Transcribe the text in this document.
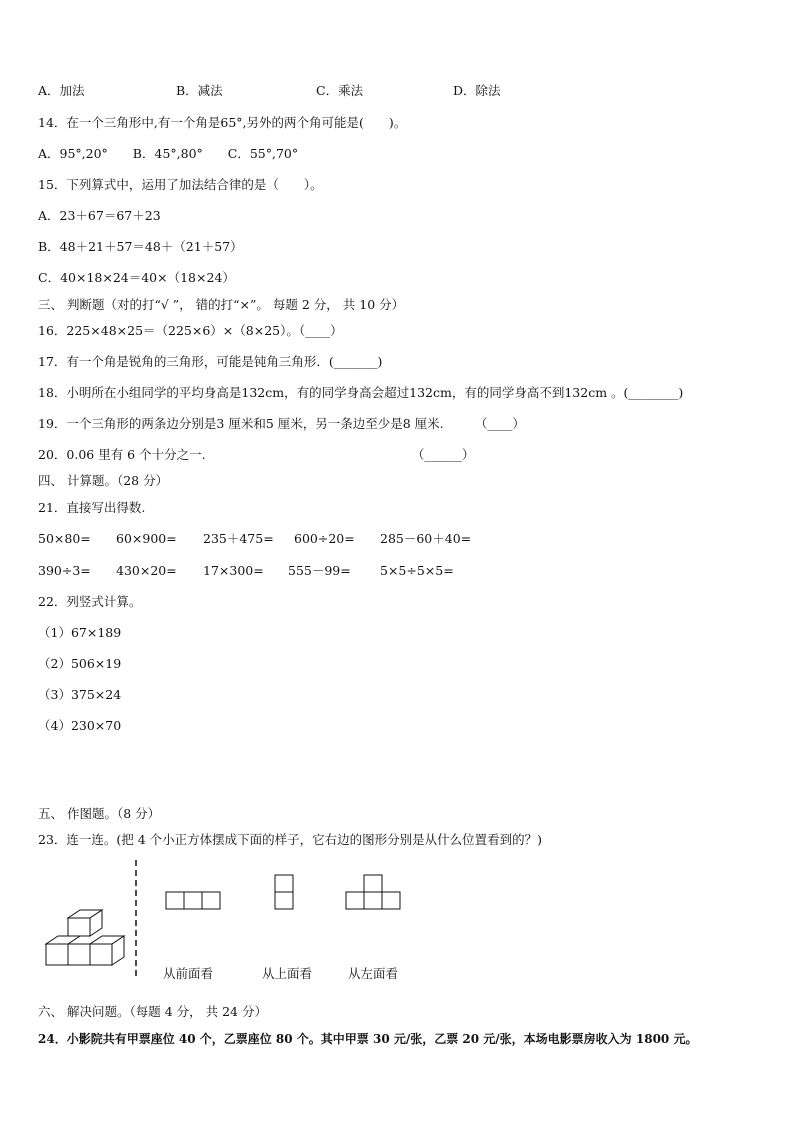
A．加法	B．减法	C．乘法	D．除法
14．在一个三角形中,有一个角是65°,另外的两个角可能是(　　)。
A．95°,20°　　B．45°,80°　　C．55°,70°
15．下列算式中，运用了加法结合律的是（　　）。
A．23＋67＝67＋23
B．48＋21＋57＝48＋（21＋57）
C．40×18×24＝40×（18×24）
三、 判断题（对的打“√ ”， 错的打“×”。 每题 2 分， 共 10 分）
16．225×48×25＝（225×6）×（8×25）。（____）
17．有一个角是锐角的三角形，可能是钝角三角形．(_______)
18．小明所在小组同学的平均身高是132cm，有的同学身高会超过132cm，有的同学身高不到132cm 。(________)
19．一个三角形的两条边分别是3 厘米和5 厘米，另一条边至少是8 厘米.　　　（____）
20．0.06 里有 6 个十分之一.　　　　　　　　　　　　　　　　　（______）
四、 计算题。（28 分）
21．直接写出得数.
50×80= 60×900= 235＋475= 600÷20= 285－60＋40=
390÷3= 430×20= 17×300= 555－99= 5×5÷5×5=
22．列竖式计算。
（1）67×189
（2）506×19
（3）375×24
（4）230×70
五、 作图题。（8 分）
23．连一连。(把 4 个小正方体摆成下面的样子，它右边的图形分别是从什么位置看到的？)
从前面看	从上面看	从左面看
六、 解决问题。（每题 4 分， 共 24 分）
24．小影院共有甲票座位 40 个，乙票座位 80 个。其中甲票 30 元/张，乙票 20 元/张，本场电影票房收入为 1800 元。
